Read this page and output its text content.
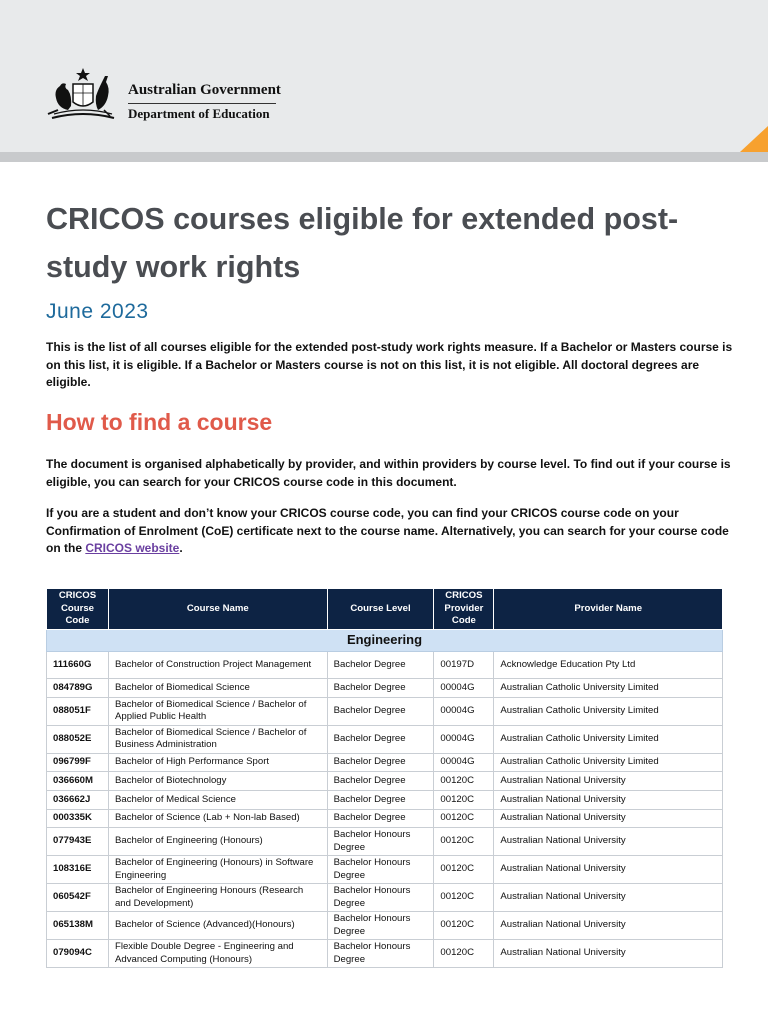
Australian Government
Department of Education
CRICOS courses eligible for extended post-study work rights
June 2023

This is the list of all courses eligible for the extended post-study work rights measure. If a Bachelor or Masters course is on this list, it is eligible. If a Bachelor or Masters course is not on this list, it is not eligible. All doctoral degrees are eligible.

How to find a course

The document is organised alphabetically by provider, and within providers by course level. To find out if your course is eligible, you can search for your CRICOS course code in this document.

If you are a student and don’t know your CRICOS course code, you can find your CRICOS course code on your Confirmation of Enrolment (CoE) certificate next to the course name. Alternatively, you can search for your course code on the CRICOS website.

CRICOS Course Code	Course Name	Course Level	CRICOS Provider Code	Provider Name
Engineering				
111660G	Bachelor of Construction Project Management	Bachelor Degree	00197D	Acknowledge Education Pty Ltd
084789G	Bachelor of Biomedical Science	Bachelor Degree	00004G	Australian Catholic University Limited
088051F	Bachelor of Biomedical Science / Bachelor of Applied Public Health	Bachelor Degree	00004G	Australian Catholic University Limited
088052E	Bachelor of Biomedical Science / Bachelor of Business Administration	Bachelor Degree	00004G	Australian Catholic University Limited
096799F	Bachelor of High Performance Sport	Bachelor Degree	00004G	Australian Catholic University Limited
036660M	Bachelor of Biotechnology	Bachelor Degree	00120C	Australian National University
036662J	Bachelor of Medical Science	Bachelor Degree	00120C	Australian National University
000335K	Bachelor of Science (Lab + Non-lab Based)	Bachelor Degree	00120C	Australian National University
077943E	Bachelor of Engineering (Honours)	Bachelor Honours Degree	00120C	Australian National University
108316E	Bachelor of Engineering (Honours) in Software Engineering	Bachelor Honours Degree	00120C	Australian National University
060542F	Bachelor of Engineering Honours (Research and Development)	Bachelor Honours Degree	00120C	Australian National University
065138M	Bachelor of Science (Advanced)(Honours)	Bachelor Honours Degree	00120C	Australian National University
079094C	Flexible Double Degree - Engineering and Advanced Computing (Honours)	Bachelor Honours Degree	00120C	Australian National University
